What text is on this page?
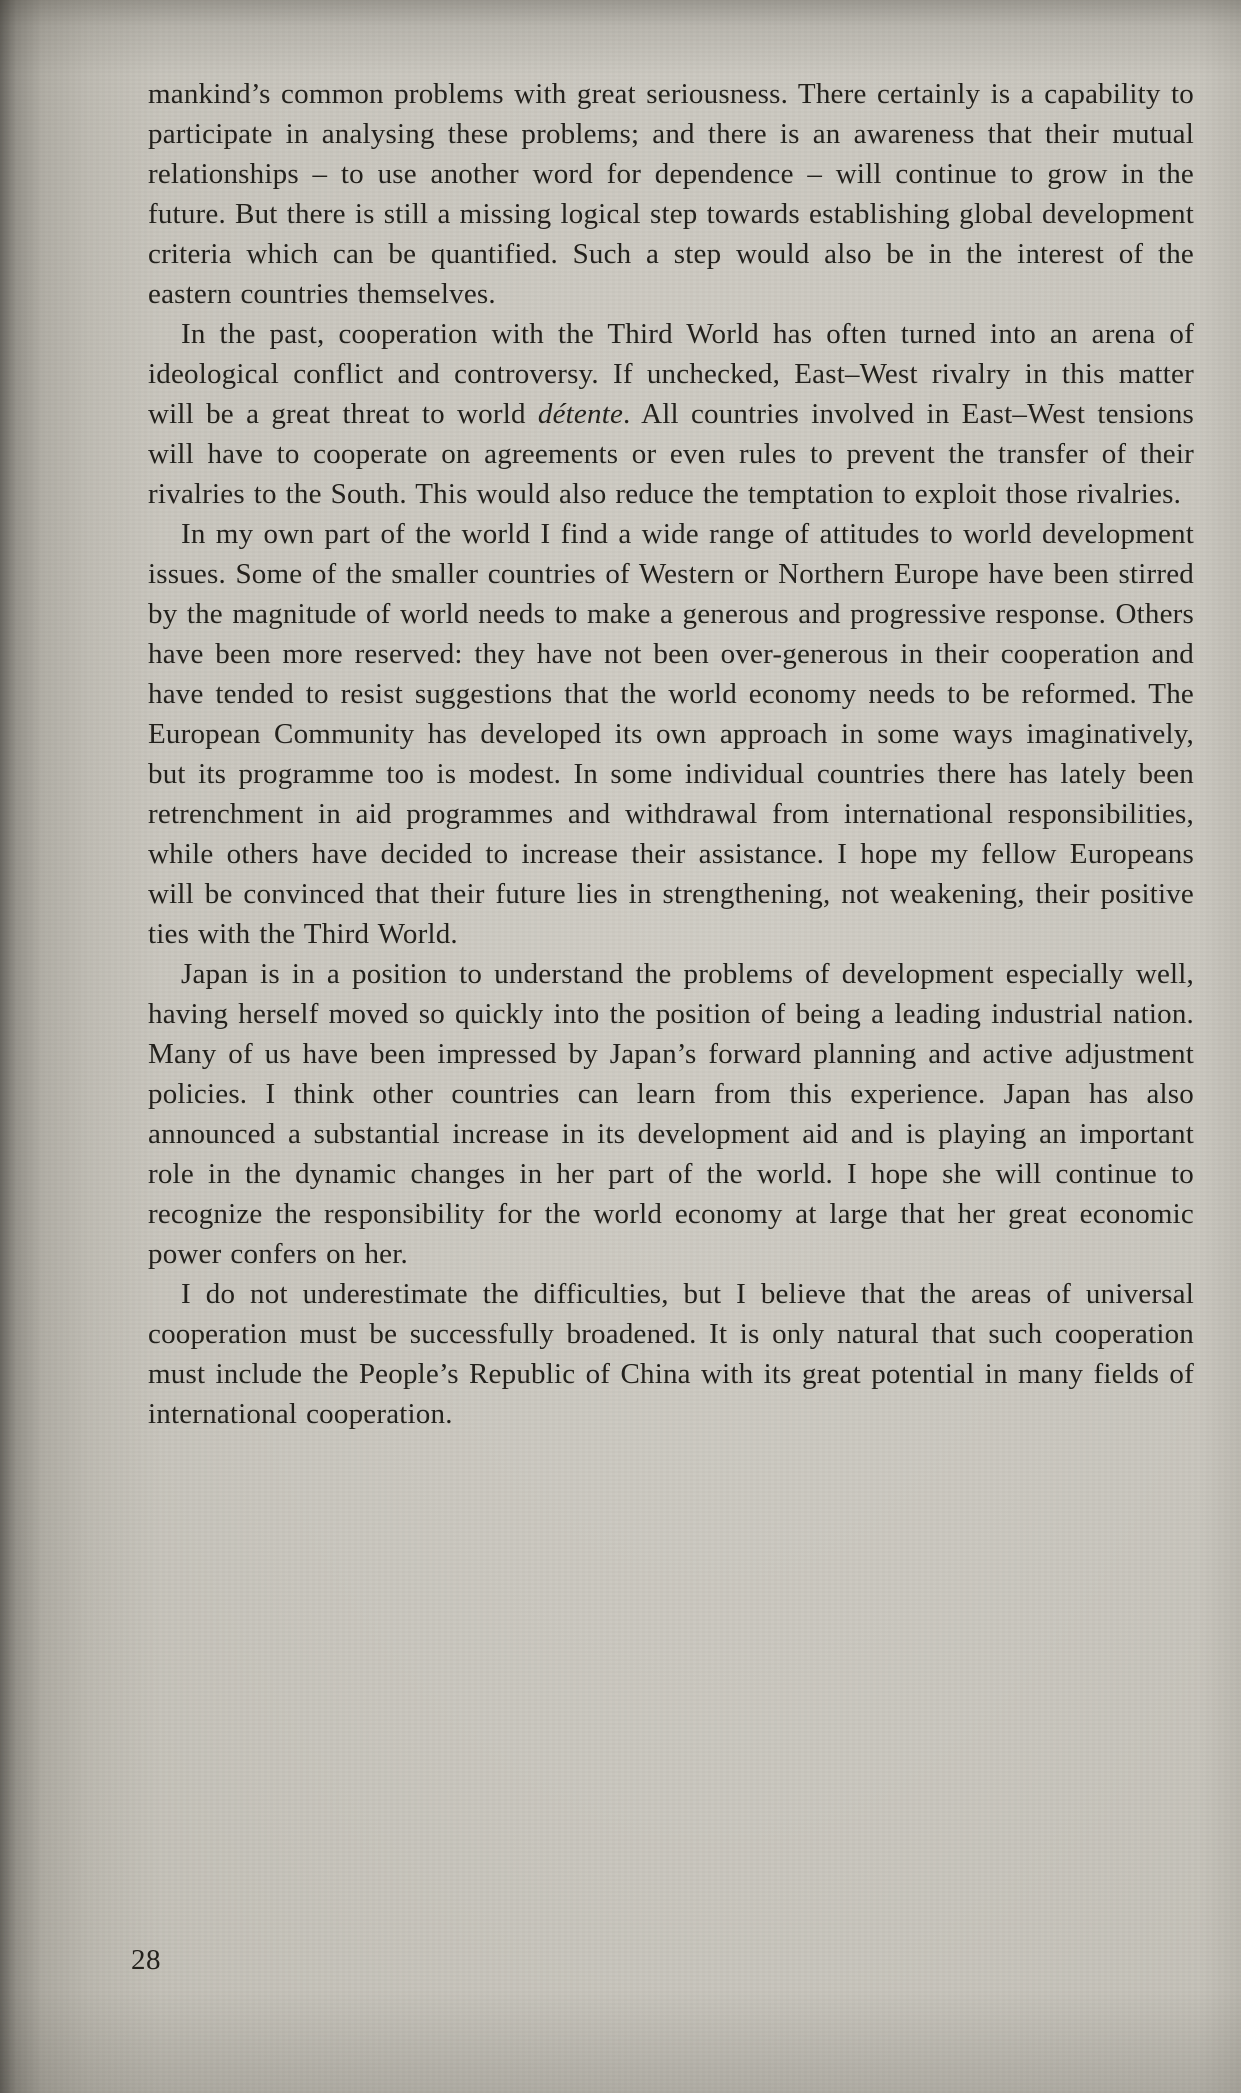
mankind’s common problems with great seriousness. There certainly is a capability to participate in analysing these problems; and there is an awareness that their mutual relationships – to use another word for dependence – will continue to grow in the future. But there is still a missing logical step towards establishing global development criteria which can be quantified. Such a step would also be in the interest of the eastern countries themselves.

In the past, cooperation with the Third World has often turned into an arena of ideological conflict and controversy. If unchecked, East–West rivalry in this matter will be a great threat to world détente. All countries involved in East–West tensions will have to cooperate on agreements or even rules to prevent the transfer of their rivalries to the South. This would also reduce the temptation to exploit those rivalries.

In my own part of the world I find a wide range of attitudes to world development issues. Some of the smaller countries of Western or Northern Europe have been stirred by the magnitude of world needs to make a generous and progressive response. Others have been more reserved: they have not been over-generous in their cooperation and have tended to resist suggestions that the world economy needs to be reformed. The European Community has developed its own approach in some ways imaginatively, but its programme too is modest. In some individual countries there has lately been retrenchment in aid programmes and withdrawal from international responsibilities, while others have decided to increase their assistance. I hope my fellow Europeans will be convinced that their future lies in strengthening, not weakening, their positive ties with the Third World.

Japan is in a position to understand the problems of development especially well, having herself moved so quickly into the position of being a leading industrial nation. Many of us have been impressed by Japan’s forward planning and active adjustment policies. I think other countries can learn from this experience. Japan has also announced a substantial increase in its development aid and is playing an important role in the dynamic changes in her part of the world. I hope she will continue to recognize the responsibility for the world economy at large that her great economic power confers on her.

I do not underestimate the difficulties, but I believe that the areas of universal cooperation must be successfully broadened. It is only natural that such cooperation must include the People’s Republic of China with its great potential in many fields of international cooperation.

28
